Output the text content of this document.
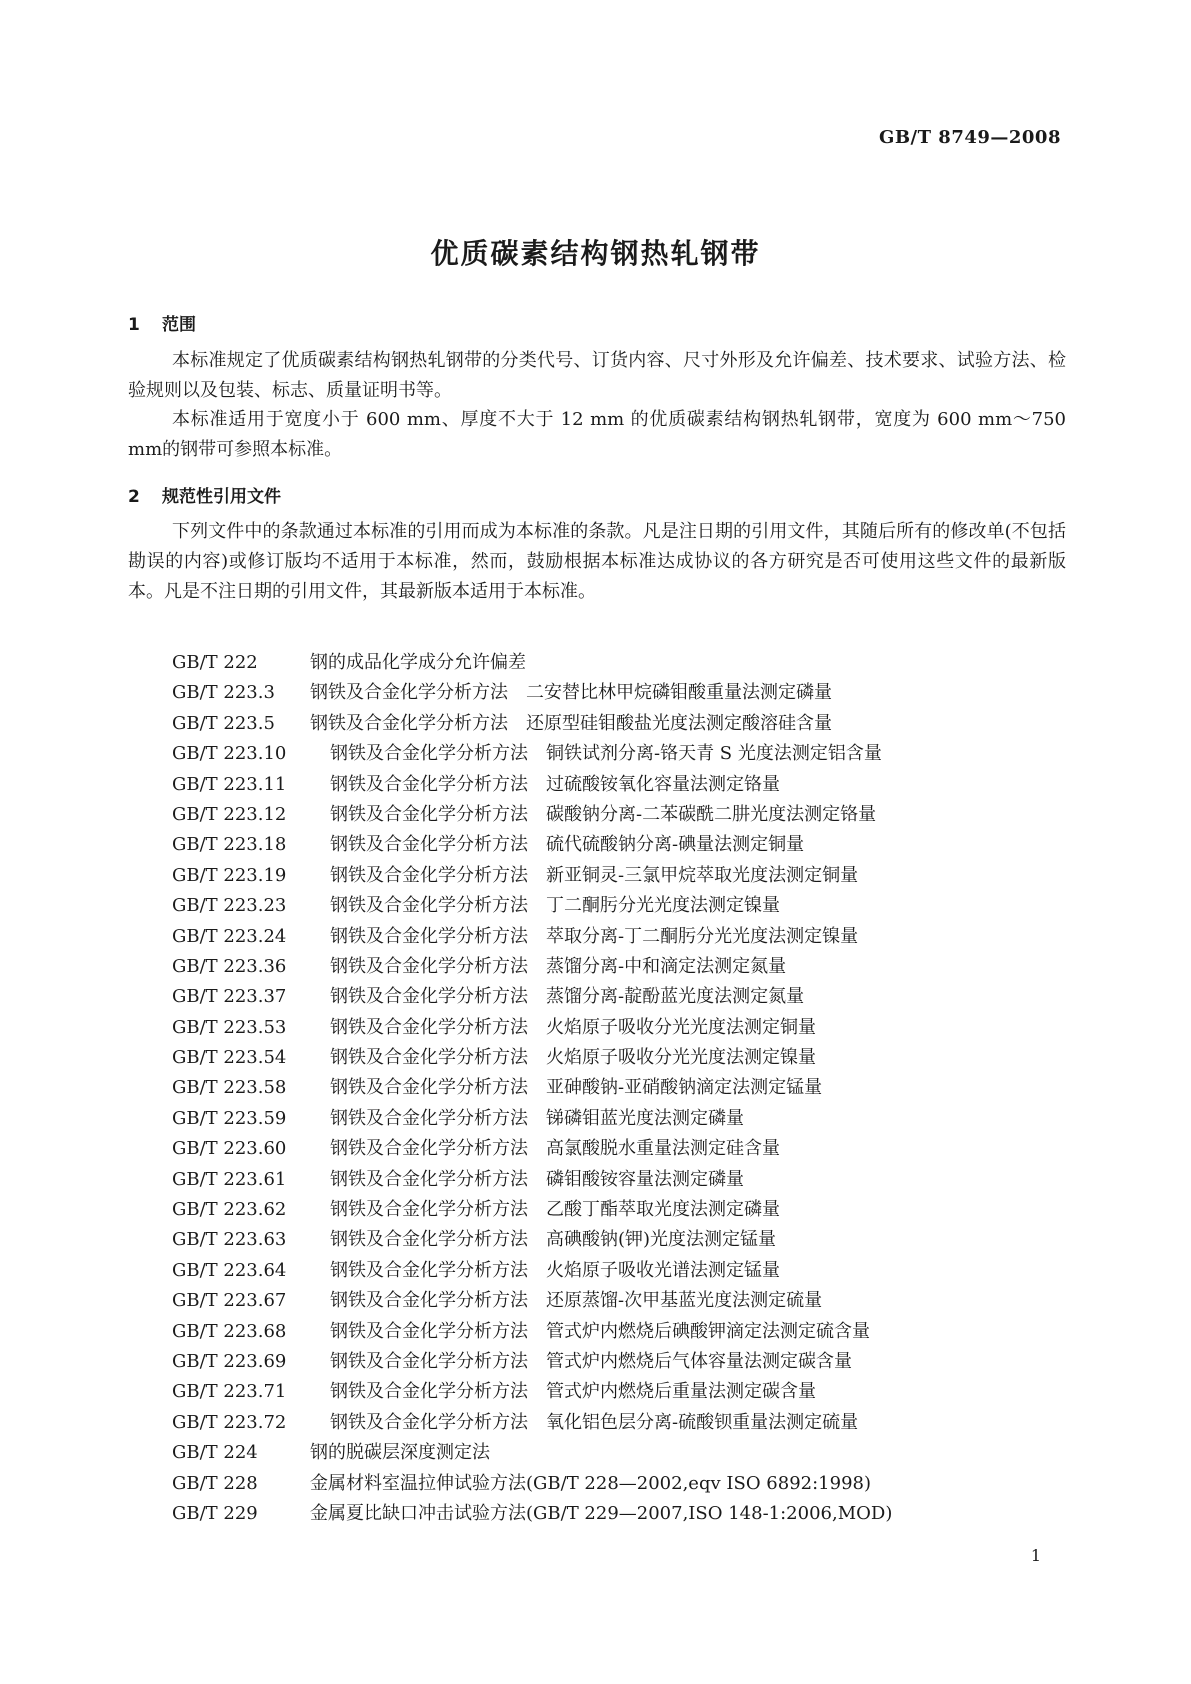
GB/T 8749—2008
优质碳素结构钢热轧钢带
1 范围

本标准规定了优质碳素结构钢热轧钢带的分类代号、订货内容、尺寸外形及允许偏差、技术要求、试验方法、检验规则以及包装、标志、质量证明书等。

本标准适用于宽度小于 600 mm、厚度不大于 12 mm 的优质碳素结构钢热轧钢带，宽度为 600 mm～750 mm的钢带可参照本标准。

2 规范性引用文件

下列文件中的条款通过本标准的引用而成为本标准的条款。凡是注日期的引用文件，其随后所有的修改单(不包括勘误的内容)或修订版均不适用于本标准，然而，鼓励根据本标准达成协议的各方研究是否可使用这些文件的最新版本。凡是不注日期的引用文件，其最新版本适用于本标准。

GB/T 222	钢的成品化学成分允许偏差
GB/T 223.3 钢铁及合金化学分析方法　二安替比林甲烷磷钼酸重量法测定磷量
GB/T 223.5 钢铁及合金化学分析方法　还原型硅钼酸盐光度法测定酸溶硅含量
GB/T 223.10 钢铁及合金化学分析方法　铜铁试剂分离-铬天青 S 光度法测定铝含量
GB/T 223.11 钢铁及合金化学分析方法　过硫酸铵氧化容量法测定铬量
GB/T 223.12 钢铁及合金化学分析方法　碳酸钠分离-二苯碳酰二肼光度法测定铬量
GB/T 223.18 钢铁及合金化学分析方法　硫代硫酸钠分离-碘量法测定铜量
GB/T 223.19 钢铁及合金化学分析方法　新亚铜灵-三氯甲烷萃取光度法测定铜量
GB/T 223.23 钢铁及合金化学分析方法　丁二酮肟分光光度法测定镍量
GB/T 223.24 钢铁及合金化学分析方法　萃取分离-丁二酮肟分光光度法测定镍量
GB/T 223.36 钢铁及合金化学分析方法　蒸馏分离-中和滴定法测定氮量
GB/T 223.37 钢铁及合金化学分析方法　蒸馏分离-靛酚蓝光度法测定氮量
GB/T 223.53 钢铁及合金化学分析方法　火焰原子吸收分光光度法测定铜量
GB/T 223.54 钢铁及合金化学分析方法　火焰原子吸收分光光度法测定镍量
GB/T 223.58 钢铁及合金化学分析方法　亚砷酸钠-亚硝酸钠滴定法测定锰量
GB/T 223.59 钢铁及合金化学分析方法　锑磷钼蓝光度法测定磷量
GB/T 223.60 钢铁及合金化学分析方法　高氯酸脱水重量法测定硅含量
GB/T 223.61 钢铁及合金化学分析方法　磷钼酸铵容量法测定磷量
GB/T 223.62 钢铁及合金化学分析方法　乙酸丁酯萃取光度法测定磷量
GB/T 223.63 钢铁及合金化学分析方法　高碘酸钠(钾)光度法测定锰量
GB/T 223.64 钢铁及合金化学分析方法　火焰原子吸收光谱法测定锰量
GB/T 223.67 钢铁及合金化学分析方法　还原蒸馏-次甲基蓝光度法测定硫量
GB/T 223.68 钢铁及合金化学分析方法　管式炉内燃烧后碘酸钾滴定法测定硫含量
GB/T 223.69 钢铁及合金化学分析方法　管式炉内燃烧后气体容量法测定碳含量
GB/T 223.71 钢铁及合金化学分析方法　管式炉内燃烧后重量法测定碳含量
GB/T 223.72 钢铁及合金化学分析方法　氧化铝色层分离-硫酸钡重量法测定硫量
GB/T 224	钢的脱碳层深度测定法
GB/T 228	金属材料室温拉伸试验方法(GB/T 228—2002,eqv ISO 6892:1998)
GB/T 229	金属夏比缺口冲击试验方法(GB/T 229—2007,ISO 148-1:2006,MOD)
1
